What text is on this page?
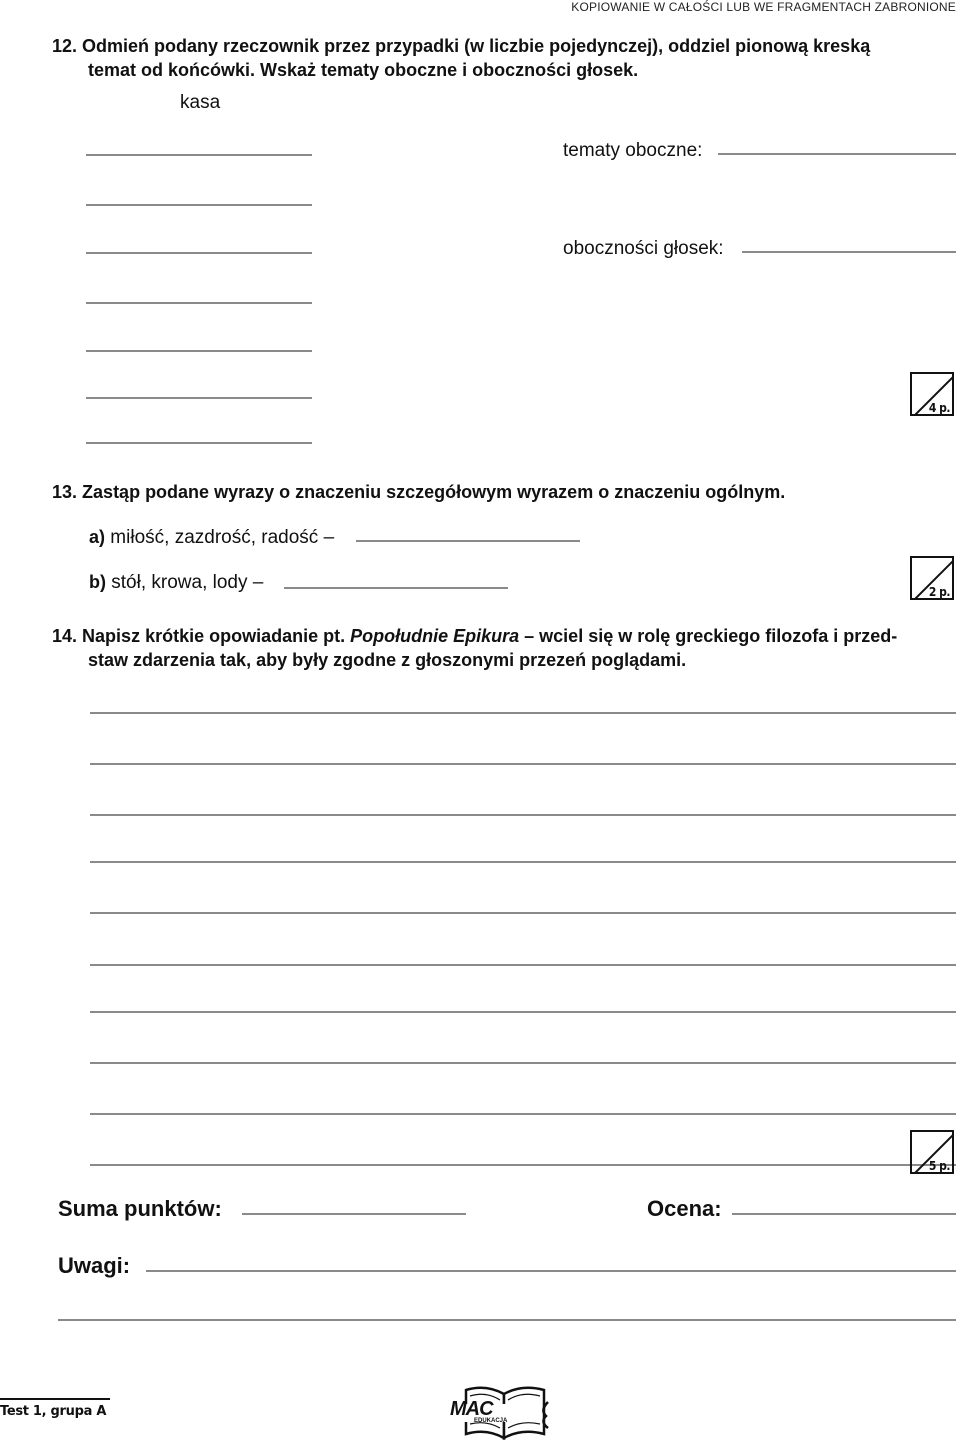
KOPIOWANIE W CAŁOŚCI LUB WE FRAGMENTACH ZABRONIONE
12. Odmień podany rzeczownik przez przypadki (w liczbie pojedynczej), oddziel pionową kreską
temat od końcówki. Wskaż tematy oboczne i oboczności głosek.
kasa
tematy oboczne:
oboczności głosek:
4 p.
13. Zastąp podane wyrazy o znaczeniu szczegółowym wyrazem o znaczeniu ogólnym.
a) miłość, zazdrość, radość –
b) stół, krowa, lody –	2 p.
14. Napisz krótkie opowiadanie pt. Popołudnie Epikura – wciel się w rolę greckiego filozofa i przed-
staw zdarzenia tak, aby były zgodne z głoszonymi przezeń poglądami.
5 p.
Suma punktów:	Ocena:
Uwagi:
Test 1, grupa A	MAC
EDUKACJA
